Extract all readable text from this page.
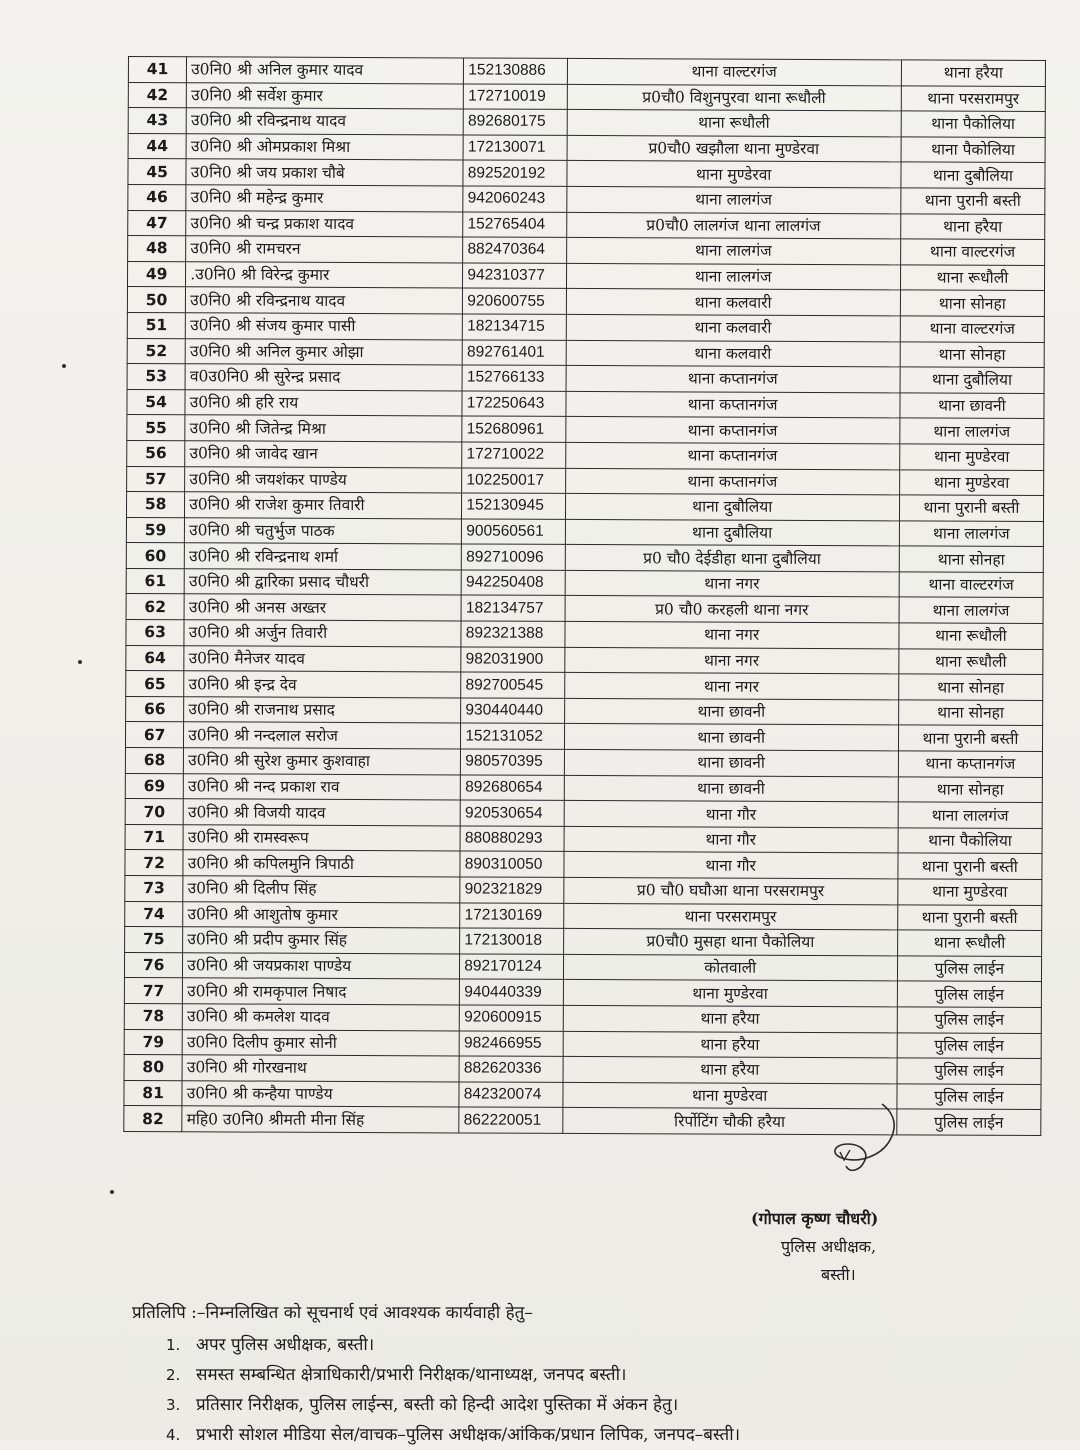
41	उ0नि0 श्री अनिल कुमार यादव	152130886	थाना वाल्टरगंज	थाना हरैया
42	उ0नि0 श्री सर्वेश कुमार	172710019	प्र0चौ0 विशुनपुरवा थाना रूधौली	थाना परसरामपुर
43	उ0नि0 श्री रविन्द्रनाथ यादव	892680175	थाना रूधौली	थाना पैकोलिया
44	उ0नि0 श्री ओमप्रकाश मिश्रा	172130071	प्र0चौ0 खझौला थाना मुण्डेरवा	थाना पैकोलिया
45	उ0नि0 श्री जय प्रकाश चौबे	892520192	थाना मुण्डेरवा	थाना दुबौलिया
46	उ0नि0 श्री महेन्द्र कुमार	942060243	थाना लालगंज	थाना पुरानी बस्ती
47	उ0नि0 श्री चन्द्र प्रकाश यादव	152765404	प्र0चौ0 लालगंज थाना लालगंज	थाना हरैया
48	उ0नि0 श्री रामचरन	882470364	थाना लालगंज	थाना वाल्टरगंज
49	.उ0नि0 श्री विरेन्द्र कुमार	942310377	थाना लालगंज	थाना रूधौली
50	उ0नि0 श्री रविन्द्रनाथ यादव	920600755	थाना कलवारी	थाना सोनहा
51	उ0नि0 श्री संजय कुमार पासी	182134715	थाना कलवारी	थाना वाल्टरगंज
52	उ0नि0 श्री अनिल कुमार ओझा	892761401	थाना कलवारी	थाना सोनहा
53	व0उ0नि0 श्री सुरेन्द्र प्रसाद	152766133	थाना कप्तानगंज	थाना दुबौलिया
54	उ0नि0 श्री हरि राय	172250643	थाना कप्तानगंज	थाना छावनी
55	उ0नि0 श्री जितेन्द्र मिश्रा	152680961	थाना कप्तानगंज	थाना लालगंज
56	उ0नि0 श्री जावेद खान	172710022	थाना कप्तानगंज	थाना मुण्डेरवा
57	उ0नि0 श्री जयशंकर पाण्डेय	102250017	थाना कप्तानगंज	थाना मुण्डेरवा
58	उ0नि0 श्री राजेश कुमार तिवारी	152130945	थाना दुबौलिया	थाना पुरानी बस्ती
59	उ0नि0 श्री चतुर्भुज पाठक	900560561	थाना दुबौलिया	थाना लालगंज
60	उ0नि0 श्री रविन्द्रनाथ शर्मा	892710096	प्र0 चौ0 देईडीहा थाना दुबौलिया	थाना सोनहा
61	उ0नि0 श्री द्वारिका प्रसाद चौधरी	942250408	थाना नगर	थाना वाल्टरगंज
62	उ0नि0 श्री अनस अख्तर	182134757	प्र0 चौ0 करहली थाना नगर	थाना लालगंज
63	उ0नि0 श्री अर्जुन तिवारी	892321388	थाना नगर	थाना रूधौली
64	उ0नि0 मैनेजर यादव	982031900	थाना नगर	थाना रूधौली
65	उ0नि0 श्री इन्द्र देव	892700545	थाना नगर	थाना सोनहा
66	उ0नि0 श्री राजनाथ प्रसाद	930440440	थाना छावनी	थाना सोनहा
67	उ0नि0 श्री नन्दलाल सरोज	152131052	थाना छावनी	थाना पुरानी बस्ती
68	उ0नि0 श्री सुरेश कुमार कुशवाहा	980570395	थाना छावनी	थाना कप्तानगंज
69	उ0नि0 श्री नन्द प्रकाश राव	892680654	थाना छावनी	थाना सोनहा
70	उ0नि0 श्री विजयी यादव	920530654	थाना गौर	थाना लालगंज
71	उ0नि0 श्री रामस्वरूप	880880293	थाना गौर	थाना पैकोलिया
72	उ0नि0 श्री कपिलमुनि त्रिपाठी	890310050	थाना गौर	थाना पुरानी बस्ती
73	उ0नि0 श्री दिलीप सिंह	902321829	प्र0 चौ0 घघौआ थाना परसरामपुर	थाना मुण्डेरवा
74	उ0नि0 श्री आशुतोष कुमार	172130169	थाना परसरामपुर	थाना पुरानी बस्ती
75	उ0नि0 श्री प्रदीप कुमार सिंह	172130018	प्र0चौ0 मुसहा थाना पैकोलिया	थाना रूधौली
76	उ0नि0 श्री जयप्रकाश पाण्डेय	892170124	कोतवाली	पुलिस लाईन
77	उ0नि0 श्री रामकृपाल निषाद	940440339	थाना मुण्डेरवा	पुलिस लाईन
78	उ0नि0 श्री कमलेश यादव	920600915	थाना हरैया	पुलिस लाईन
79	उ0नि0 दिलीप कुमार सोनी	982466955	थाना हरैया	पुलिस लाईन
80	उ0नि0 श्री गोरखनाथ	882620336	थाना हरैया	पुलिस लाईन
81	उ0नि0 श्री कन्हैया पाण्डेय	842320074	थाना मुण्डेरवा	पुलिस लाईन
82	महि0 उ0नि0 श्रीमती मीना सिंह	862220051	रिर्पोटिंग चौकी हरैया	पुलिस लाईन
(गोपाल कृष्ण चौधरी)
पुलिस अधीक्षक,
बस्ती।
प्रतिलिपि :–निम्नलिखित को सूचनार्थ एवं आवश्यक कार्यवाही हेतु–
1. अपर पुलिस अधीक्षक, बस्ती।
2. समस्त सम्बन्धित क्षेत्राधिकारी/प्रभारी निरीक्षक/थानाध्यक्ष, जनपद बस्ती।
3. प्रतिसार निरीक्षक, पुलिस लाईन्स, बस्ती को हिन्दी आदेश पुस्तिका में अंकन हेतु।
4. प्रभारी सोशल मीडिया सेल/वाचक–पुलिस अधीक्षक/आंकिक/प्रधान लिपिक, जनपद–बस्ती।
